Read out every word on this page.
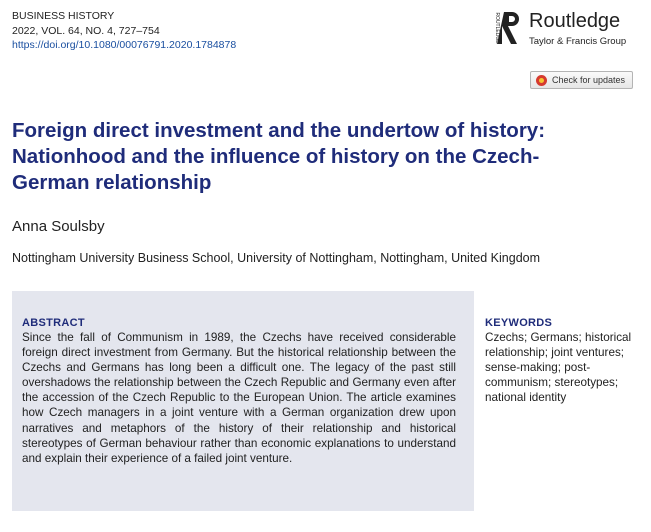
BUSINESS HISTORY
2022, VOL. 64, NO. 4, 727–754
https://doi.org/10.1080/00076791.2020.1784878
ROUTLEDGE Routledge
Taylor & Francis Group
Check for updates
Foreign direct investment and the undertow of history: Nationhood and the influence of history on the Czech-German relationship
Anna Soulsby
Nottingham University Business School, University of Nottingham, Nottingham, United Kingdom
ABSTRACT

Since the fall of Communism in 1989, the Czechs have received considerable foreign direct investment from Germany. But the historical relationship between the Czechs and Germans has long been a difficult one. The legacy of the past still overshadows the relationship between the Czech Republic and Germany even after the accession of the Czech Republic to the European Union. The article examines how Czech managers in a joint venture with a German organization drew upon narratives and metaphors of the history of their relationship and historical stereotypes of German behaviour rather than economic explanations to understand and explain their experience of a failed joint venture.

KEYWORDS

Czechs; Germans; historical relationship; joint ventures; sense-making; post-communism; stereotypes; national identity
